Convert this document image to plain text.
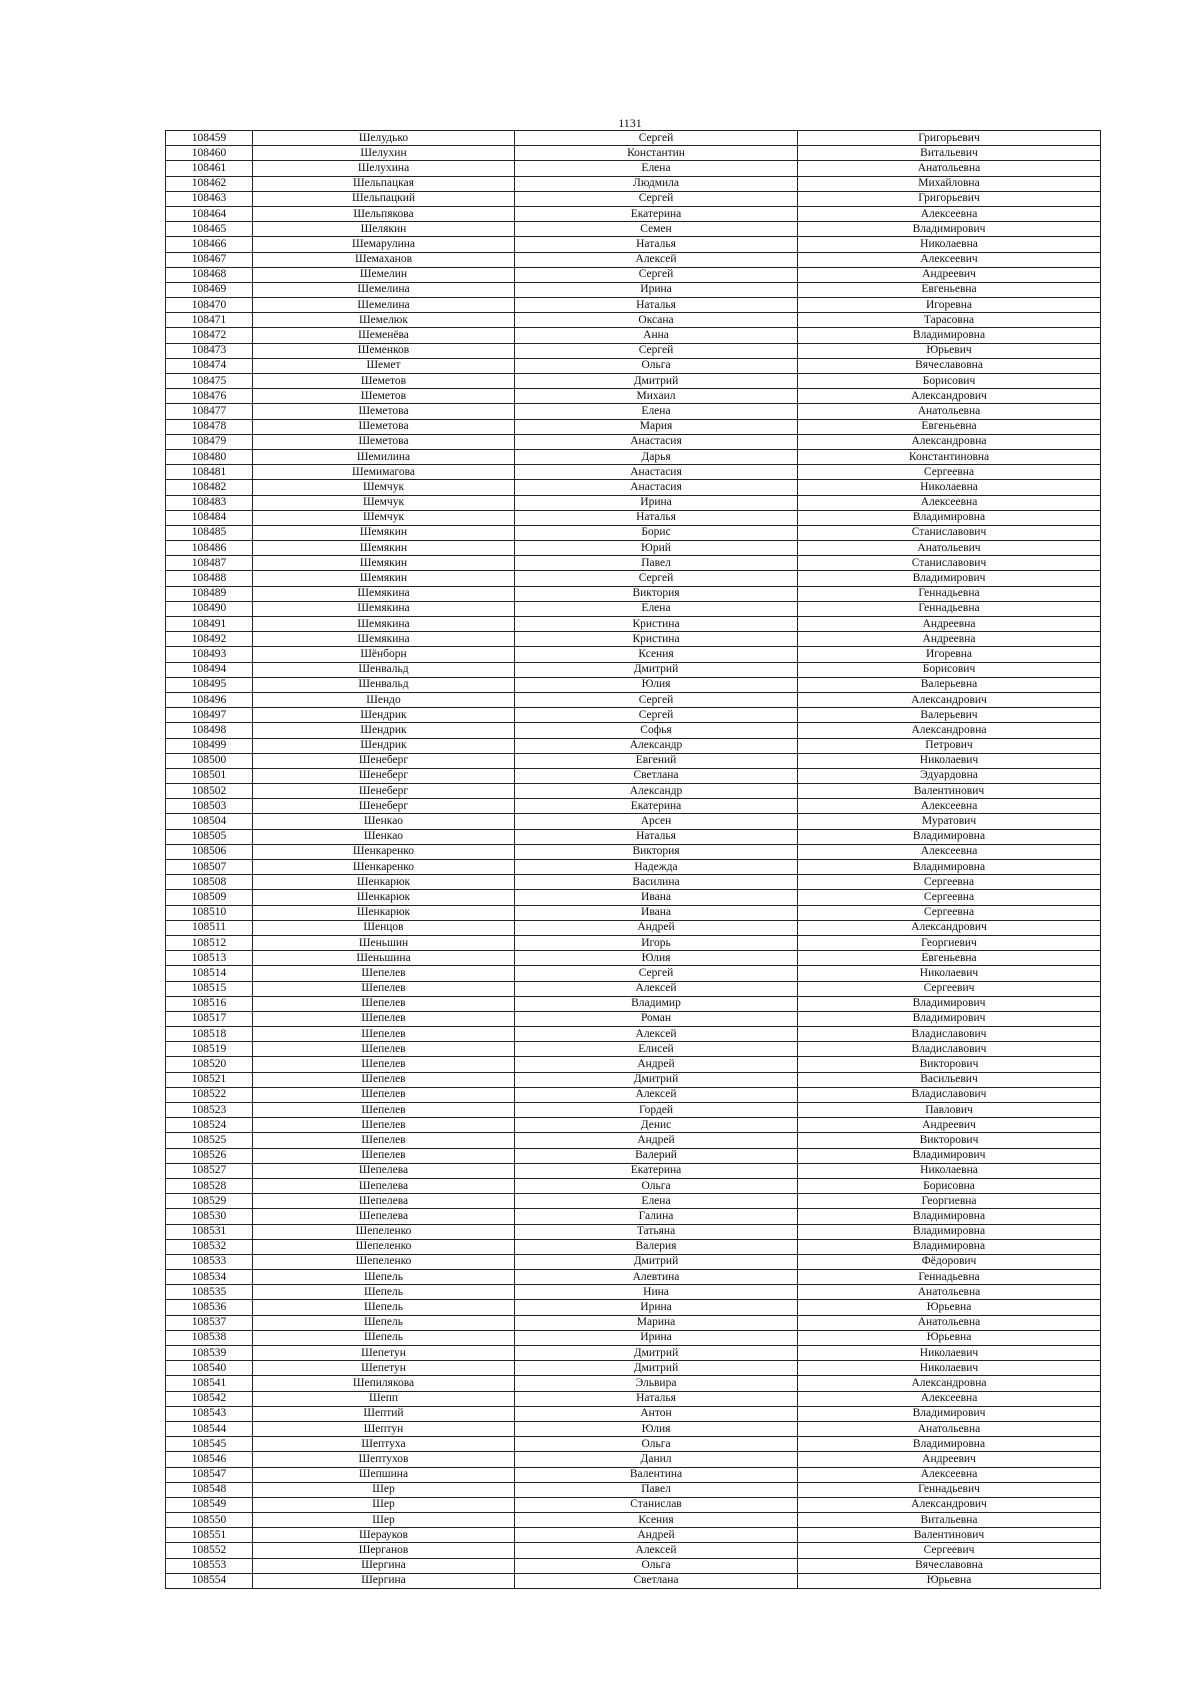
1131
108459	Шелудько	Сергей	Григорьевич
108460	Шелухин	Константин	Витальевич
108461	Шелухина	Елена	Анатольевна
108462	Шельпацкая	Людмила	Михайловна
108463	Шельпацкий	Сергей	Григорьевич
108464	Шельпякова	Екатерина	Алексеевна
108465	Шелякин	Семен	Владимирович
108466	Шемарулина	Наталья	Николаевна
108467	Шемаханов	Алексей	Алексеевич
108468	Шемелин	Сергей	Андреевич
108469	Шемелина	Ирина	Евгеньевна
108470	Шемелина	Наталья	Игоревна
108471	Шемелюк	Оксана	Тарасовна
108472	Шеменёва	Анна	Владимировна
108473	Шеменков	Сергей	Юрьевич
108474	Шемет	Ольга	Вячеславовна
108475	Шеметов	Дмитрий	Борисович
108476	Шеметов	Михаил	Александрович
108477	Шеметова	Елена	Анатольевна
108478	Шеметова	Мария	Евгеньевна
108479	Шеметова	Анастасия	Александровна
108480	Шемилина	Дарья	Константиновна
108481	Шемимагова	Анастасия	Сергеевна
108482	Шемчук	Анастасия	Николаевна
108483	Шемчук	Ирина	Алексеевна
108484	Шемчук	Наталья	Владимировна
108485	Шемякин	Борис	Станиславович
108486	Шемякин	Юрий	Анатольевич
108487	Шемякин	Павел	Станиславович
108488	Шемякин	Сергей	Владимирович
108489	Шемякина	Виктория	Геннадьевна
108490	Шемякина	Елена	Геннадьевна
108491	Шемякина	Кристина	Андреевна
108492	Шемякина	Кристина	Андреевна
108493	Шёнборн	Ксения	Игоревна
108494	Шенвальд	Дмитрий	Борисович
108495	Шенвальд	Юлия	Валерьевна
108496	Шендо	Сергей	Александрович
108497	Шендрик	Сергей	Валерьевич
108498	Шендрик	Софья	Александровна
108499	Шендрик	Александр	Петрович
108500	Шенеберг	Евгений	Николаевич
108501	Шенеберг	Светлана	Эдуардовна
108502	Шенеберг	Александр	Валентинович
108503	Шенеберг	Екатерина	Алексеевна
108504	Шенкао	Арсен	Муратович
108505	Шенкао	Наталья	Владимировна
108506	Шенкаренко	Виктория	Алексеевна
108507	Шенкаренко	Надежда	Владимировна
108508	Шенкарюк	Василина	Сергеевна
108509	Шенкарюк	Ивана	Сергеевна
108510	Шенкарюк	Ивана	Сергеевна
108511	Шенцов	Андрей	Александрович
108512	Шеньшин	Игорь	Георгиевич
108513	Шеньшина	Юлия	Евгеньевна
108514	Шепелев	Сергей	Николаевич
108515	Шепелев	Алексей	Сергеевич
108516	Шепелев	Владимир	Владимирович
108517	Шепелев	Роман	Владимирович
108518	Шепелев	Алексей	Владиславович
108519	Шепелев	Елисей	Владиславович
108520	Шепелев	Андрей	Викторович
108521	Шепелев	Дмитрий	Васильевич
108522	Шепелев	Алексей	Владиславович
108523	Шепелев	Гордей	Павлович
108524	Шепелев	Денис	Андреевич
108525	Шепелев	Андрей	Викторович
108526	Шепелев	Валерий	Владимирович
108527	Шепелева	Екатерина	Николаевна
108528	Шепелева	Ольга	Борисовна
108529	Шепелева	Елена	Георгиевна
108530	Шепелева	Галина	Владимировна
108531	Шепеленко	Татьяна	Владимировна
108532	Шепеленко	Валерия	Владимировна
108533	Шепеленко	Дмитрий	Фёдорович
108534	Шепель	Алевтина	Геннадьевна
108535	Шепель	Нина	Анатольевна
108536	Шепель	Ирина	Юрьевна
108537	Шепель	Марина	Анатольевна
108538	Шепель	Ирина	Юрьевна
108539	Шепетун	Дмитрий	Николаевич
108540	Шепетун	Дмитрий	Николаевич
108541	Шепилякова	Эльвира	Александровна
108542	Шепп	Наталья	Алексеевна
108543	Шептий	Антон	Владимирович
108544	Шептун	Юлия	Анатольевна
108545	Шептуха	Ольга	Владимировна
108546	Шептухов	Данил	Андреевич
108547	Шепшина	Валентина	Алексеевна
108548	Шер	Павел	Геннадьевич
108549	Шер	Станислав	Александрович
108550	Шер	Ксения	Витальевна
108551	Шерауков	Андрей	Валентинович
108552	Шерганов	Алексей	Сергеевич
108553	Шергина	Ольга	Вячеславовна
108554	Шергина	Светлана	Юрьевна
